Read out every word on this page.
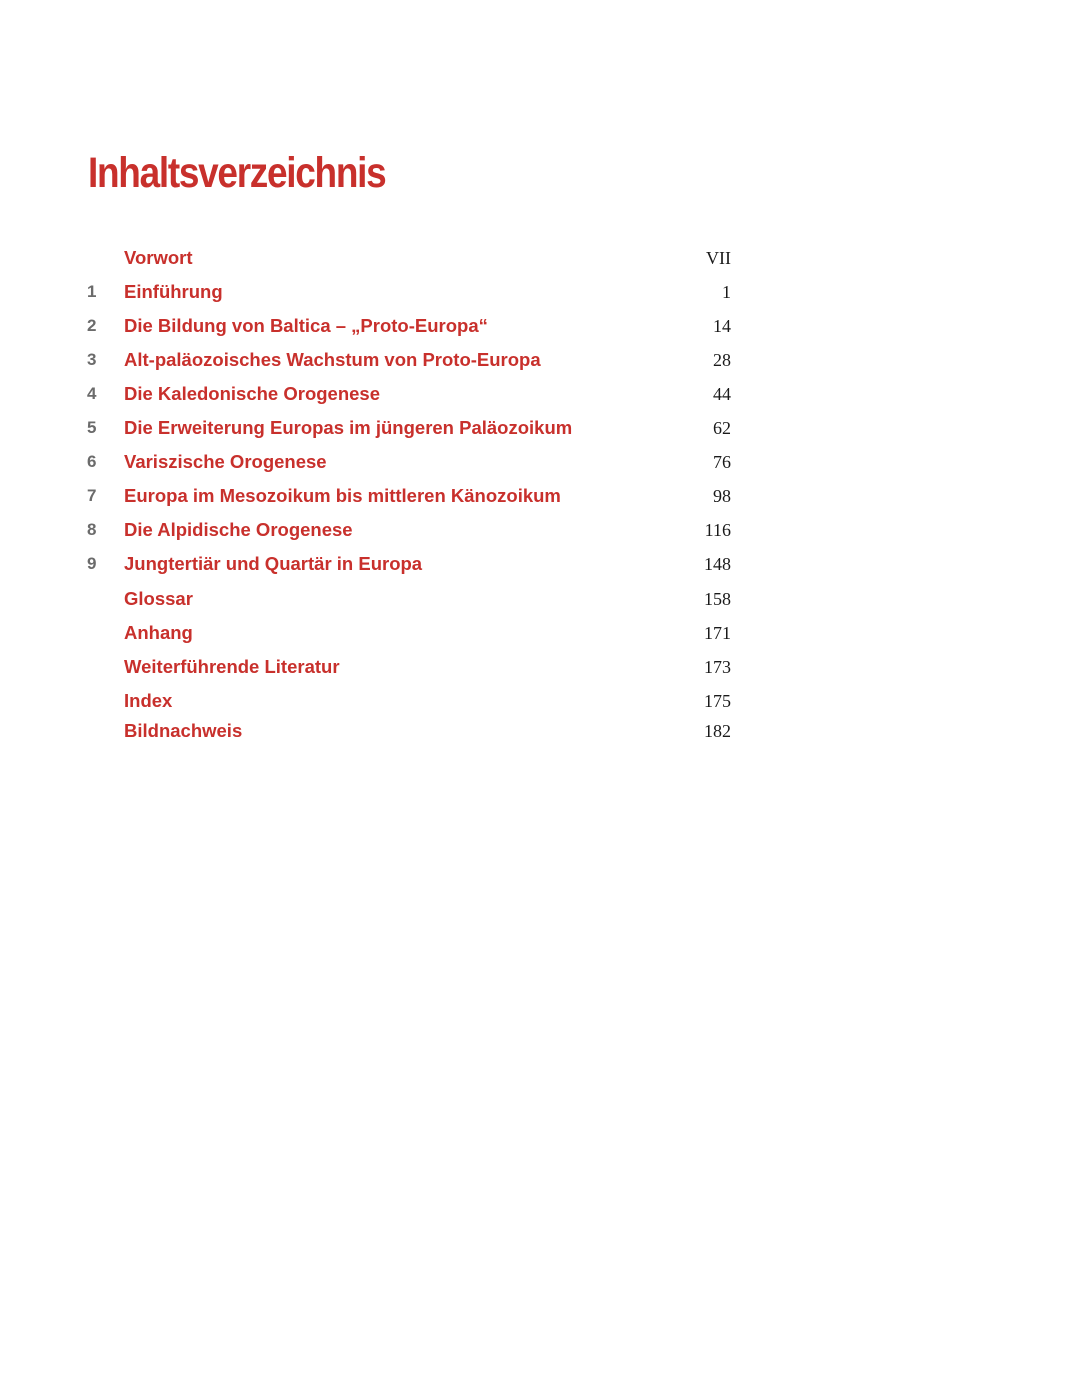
Inhaltsverzeichnis
Vorwort	VII
1	Einführung	1
2	Die Bildung von Baltica – „Proto-Europa“	14
3	Alt-paläozoisches Wachstum von Proto-Europa	28
4	Die Kaledonische Orogenese	44
5	Die Erweiterung Europas im jüngeren Paläozoikum	62
6	Variszische Orogenese	76
7	Europa im Mesozoikum bis mittleren Känozoikum	98
8	Die Alpidische Orogenese	116
9	Jungtertiär und Quartär in Europa	148
Glossar	158
Anhang	171
Weiterführende Literatur	173
Index	175
Bildnachweis	182
